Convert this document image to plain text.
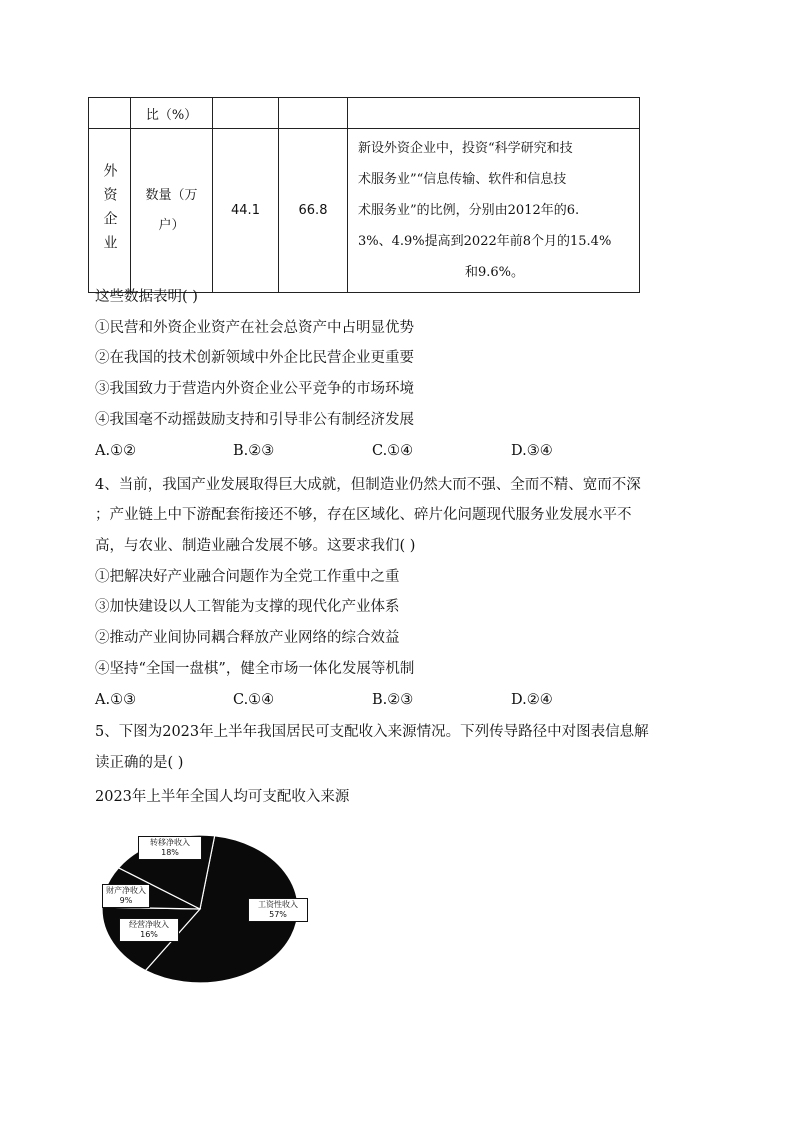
	比（%）			

外资企业	数量（万户）	44.1	66.8	新设外资企业中，投资“科学研究和技
术服务业”“信息传输、软件和信息技
术服务业”的比例，分别由2012年的6.
3%、4.9%提高到2022年前8个月的15.4%
和9.6%。
这些数据表明( )
①民营和外资企业资产在社会总资产中占明显优势
②在我国的技术创新领域中外企比民营企业更重要
③我国致力于营造内外资企业公平竞争的市场环境
④我国毫不动摇鼓励支持和引导非公有制经济发展
A.①②	B.②③	C.①④	D.③④
4、当前，我国产业发展取得巨大成就，但制造业仍然大而不强、全而不精、宽而不深
；产业链上中下游配套衔接还不够，存在区域化、碎片化问题现代服务业发展水平不
高，与农业、制造业融合发展不够。这要求我们( )
①把解决好产业融合问题作为全党工作重中之重
③加快建设以人工智能为支撑的现代化产业体系
②推动产业间协同耦合释放产业网络的综合效益
④坚持“全国一盘棋”，健全市场一体化发展等机制
A.①③	C.①④	B.②③	D.②④
5、下图为2023年上半年我国居民可支配收入来源情况。下列传导路径中对图表信息解
读正确的是( )
2023年上半年全国人均可支配收入来源
工资性收入
57%
经营净收入
16%
财产净收入
9%
转移净收入
18%
